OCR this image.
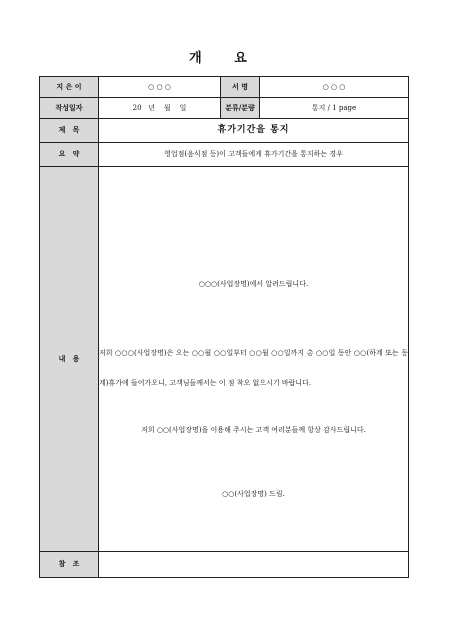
개 요
지 은 이	○ ○ ○	서 명	○ ○ ○
작성일자	20   년    월    일	분류/분량	통지 / 1 page
제   목	휴가기간을 통지		
요   약	영업점(음식점 등)이 고객들에게 휴가기간을 통지하는 경우		
내   용	○○○(사업장명)에서 알려드립니다.

저희 ○○○(사업장명)은 오는 ○○월 ○○일부터 ○○월 ○○일까지 총 ○○일 동안 ○○(하계 또는 동계)휴가에 들어가오니, 고객님들께서는 이 점 착오 없으시기 바랍니다.

저희 ○○(사업장명)을 이용해 주시는 고객 여러분들께 항상 감사드립니다.

○○(사업장명) 드림.		

참   조			
